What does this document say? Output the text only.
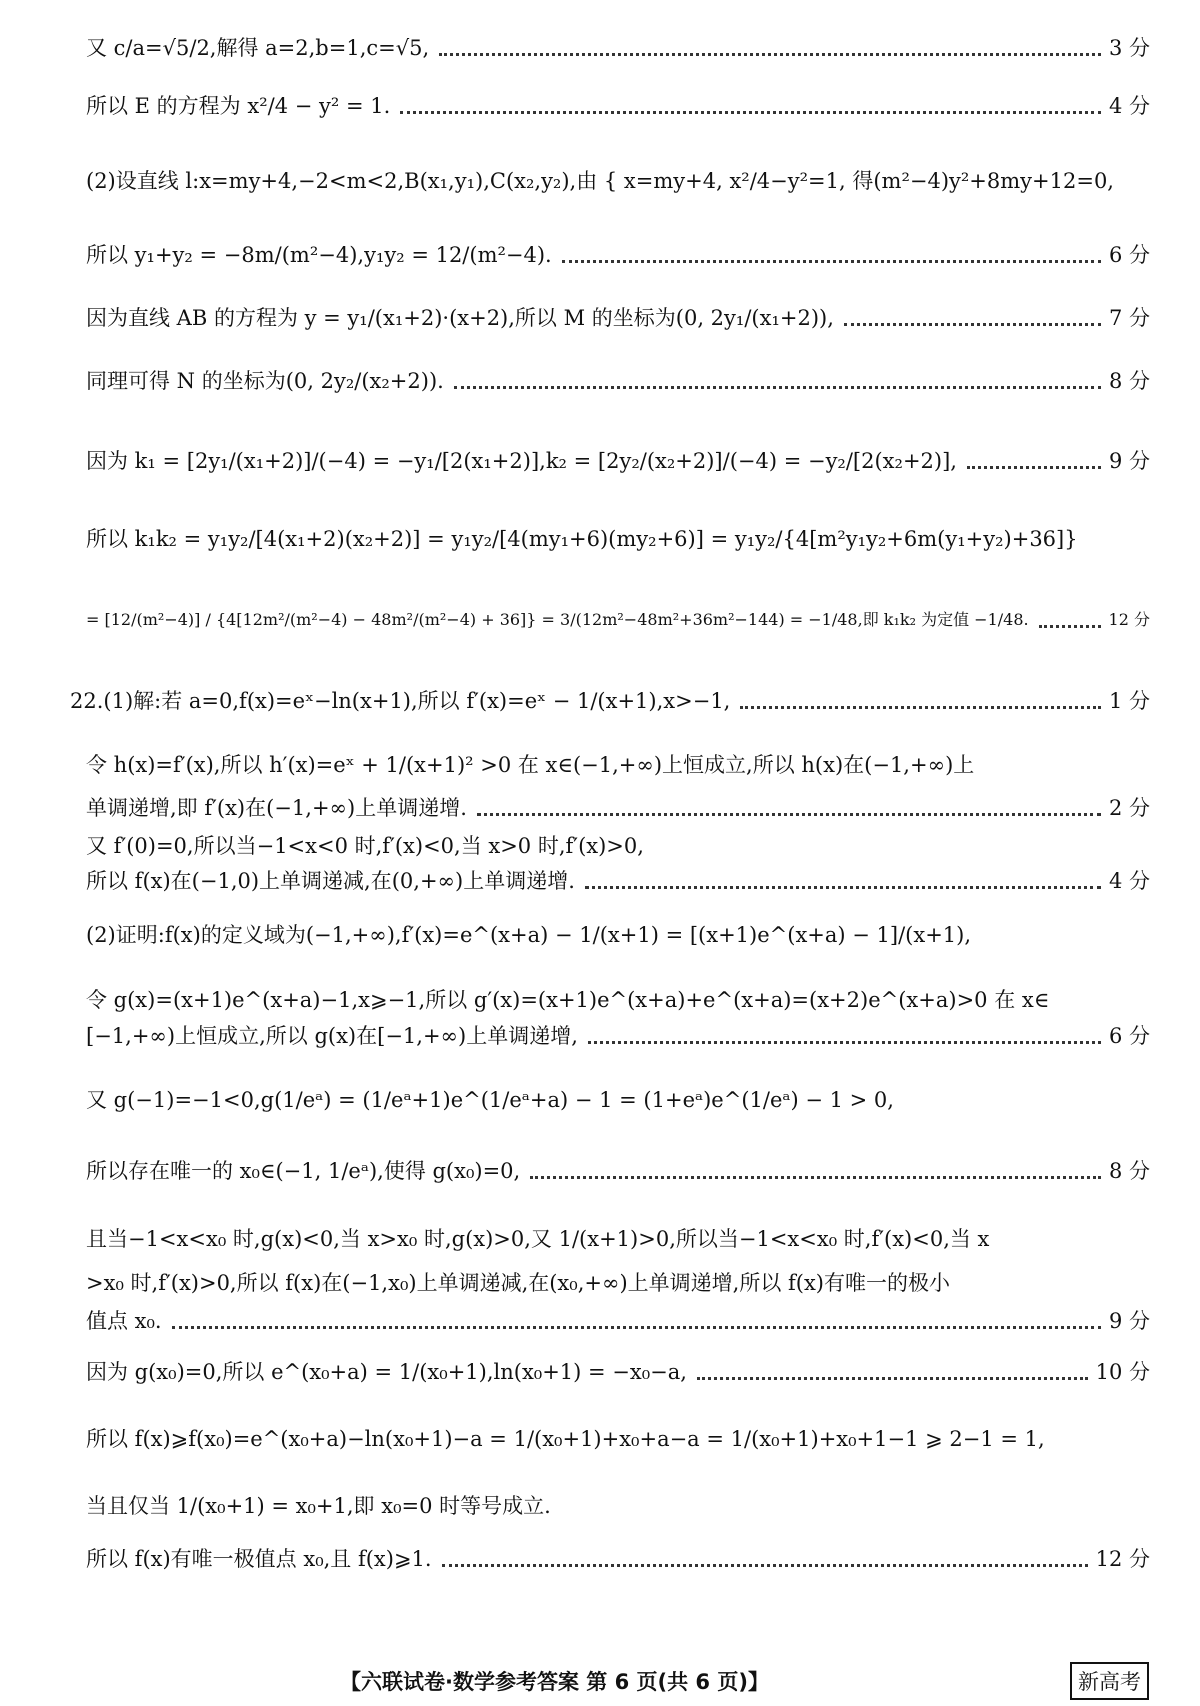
又 c/a=√5/2,解得 a=2,b=1,c=√5,	3 分
所以 E 的方程为 x²/4 − y² = 1.	4 分
(2)设直线 l:x=my+4,−2<m<2,B(x₁,y₁),C(x₂,y₂),由 { x=my+4, x²/4−y²=1, 得(m²−4)y²+8my+12=0,
所以 y₁+y₂ = −8m/(m²−4),y₁y₂ = 12/(m²−4).	6 分
因为直线 AB 的方程为 y = y₁/(x₁+2)·(x+2),所以 M 的坐标为(0, 2y₁/(x₁+2)),	7 分
同理可得 N 的坐标为(0, 2y₂/(x₂+2)).	8 分
因为 k₁ = [2y₁/(x₁+2)]/(−4) = −y₁/[2(x₁+2)],k₂ = [2y₂/(x₂+2)]/(−4) = −y₂/[2(x₂+2)],	9 分
所以 k₁k₂ = y₁y₂/[4(x₁+2)(x₂+2)] = y₁y₂/[4(my₁+6)(my₂+6)] = y₁y₂/{4[m²y₁y₂+6m(y₁+y₂)+36]}
= [12/(m²−4)] / {4[12m²/(m²−4) − 48m²/(m²−4) + 36]} = 3/(12m²−48m²+36m²−144) = −1/48,即 k₁k₂ 为定值 −1/48.	12 分
22.(1)解:若 a=0,f(x)=eˣ−ln(x+1),所以 f′(x)=eˣ − 1/(x+1),x>−1,	1 分
令 h(x)=f′(x),所以 h′(x)=eˣ + 1/(x+1)² >0 在 x∈(−1,+∞)上恒成立,所以 h(x)在(−1,+∞)上
单调递增,即 f′(x)在(−1,+∞)上单调递增.	2 分
又 f′(0)=0,所以当−1<x<0 时,f′(x)<0,当 x>0 时,f′(x)>0,
所以 f(x)在(−1,0)上单调递减,在(0,+∞)上单调递增.	4 分
(2)证明:f(x)的定义域为(−1,+∞),f′(x)=e^(x+a) − 1/(x+1) = [(x+1)e^(x+a) − 1]/(x+1),
令 g(x)=(x+1)e^(x+a)−1,x⩾−1,所以 g′(x)=(x+1)e^(x+a)+e^(x+a)=(x+2)e^(x+a)>0 在 x∈
[−1,+∞)上恒成立,所以 g(x)在[−1,+∞)上单调递增,	6 分
又 g(−1)=−1<0,g(1/eᵃ) = (1/eᵃ+1)e^(1/eᵃ+a) − 1 = (1+eᵃ)e^(1/eᵃ) − 1 > 0,
所以存在唯一的 x₀∈(−1, 1/eᵃ),使得 g(x₀)=0,	8 分
且当−1<x<x₀ 时,g(x)<0,当 x>x₀ 时,g(x)>0,又 1/(x+1)>0,所以当−1<x<x₀ 时,f′(x)<0,当 x
>x₀ 时,f′(x)>0,所以 f(x)在(−1,x₀)上单调递减,在(x₀,+∞)上单调递增,所以 f(x)有唯一的极小
值点 x₀.	9 分
因为 g(x₀)=0,所以 e^(x₀+a) = 1/(x₀+1),ln(x₀+1) = −x₀−a,	10 分
所以 f(x)⩾f(x₀)=e^(x₀+a)−ln(x₀+1)−a = 1/(x₀+1)+x₀+a−a = 1/(x₀+1)+x₀+1−1 ⩾ 2−1 = 1,
当且仅当 1/(x₀+1) = x₀+1,即 x₀=0 时等号成立.
所以 f(x)有唯一极值点 x₀,且 f(x)⩾1.	12 分
【六联试卷·数学参考答案 第 6 页(共 6 页)】	新高考
